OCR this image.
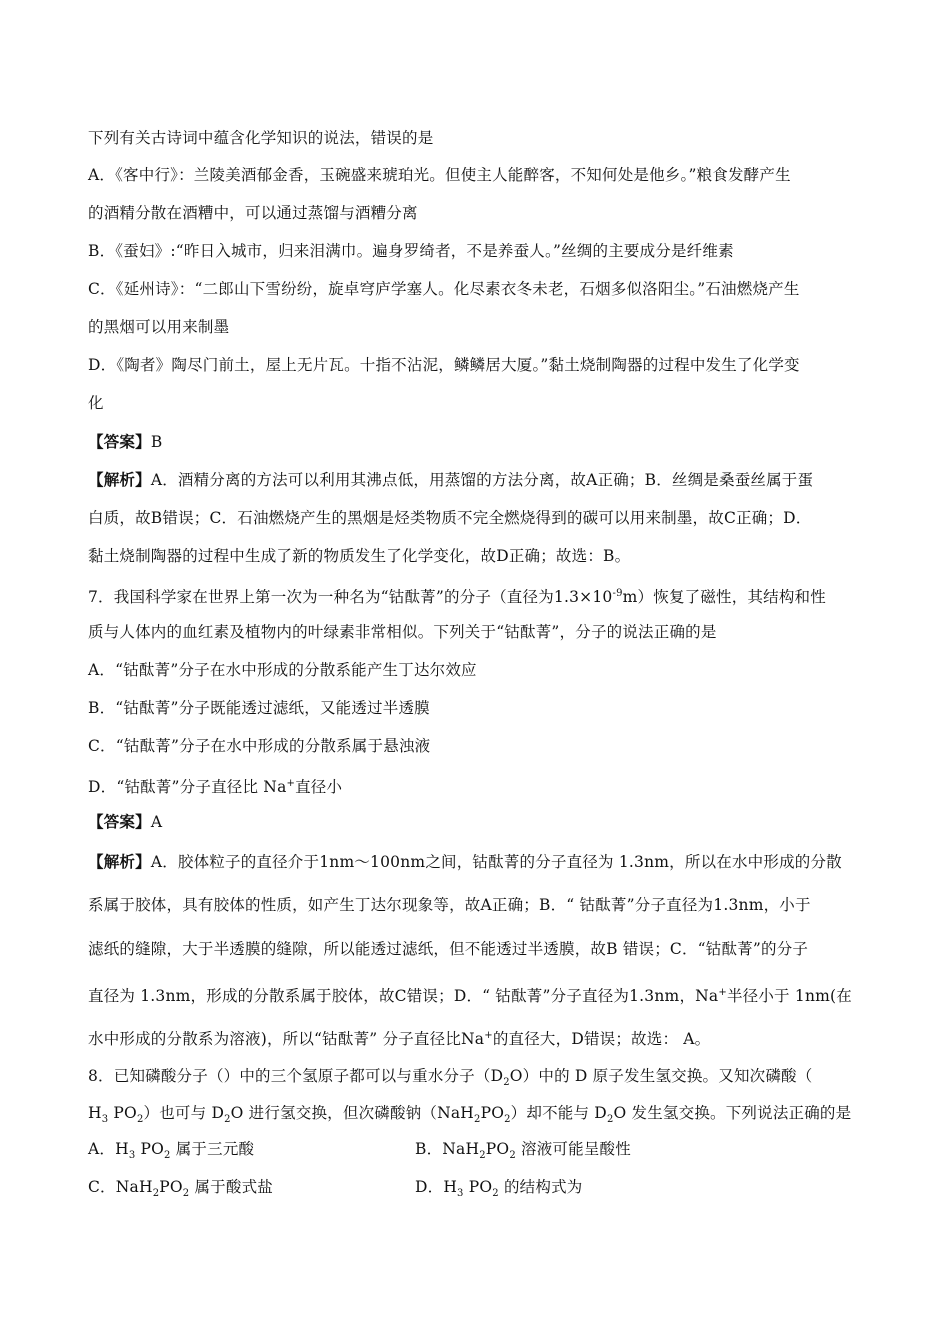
下列有关古诗词中蕴含化学知识的说法，错误的是
A．《客中行》：兰陵美酒郁金香，玉碗盛来琥珀光。但使主人能醉客，不知何处是他乡。”粮食发酵产生
的酒精分散在酒糟中，可以通过蒸馏与酒糟分离
B．《蚕妇》:“昨日入城市，归来泪满巾。遍身罗绮者，不是养蚕人。”丝绸的主要成分是纤维素
C．《延州诗》：“二郎山下雪纷纷，旋卓穹庐学塞人。化尽素衣冬未老，石烟多似洛阳尘。”石油燃烧产生
的黑烟可以用来制墨
D．《陶者》陶尽门前土，屋上无片瓦。十指不沾泥，鳞鳞居大厦。”黏土烧制陶器的过程中发生了化学变
化
【答案】B
【解析】A．酒精分离的方法可以利用其沸点低，用蒸馏的方法分离，故A正确；B．丝绸是桑蚕丝属于蛋
白质，故B错误；C．石油燃烧产生的黑烟是烃类物质不完全燃烧得到的碳可以用来制墨，故C正确；D．
黏土烧制陶器的过程中生成了新的物质发生了化学变化，故D正确；故选：B。
7．我国科学家在世界上第一次为一种名为“钴酞菁”的分子（直径为$1.3\times 10^{-9}m$）恢复了磁性，其结构和性
质与人体内的血红素及植物内的叶绿素非常相似。下列关于“钴酞菁”，分子的说法正确的是
A．“钴酞菁”分子在水中形成的分散系能产生丁达尔效应
B．“钴酞菁”分子既能透过滤纸，又能透过半透膜
C．“钴酞菁”分子在水中形成的分散系属于悬浊液
D．“钴酞菁”分子直径比 Na+直径小
【答案】A
【解析】A．胶体粒子的直径介于1nm～100nm之间，钴酞菁的分子直径为 1.3nm，所以在水中形成的分散
系属于胶体，具有胶体的性质，如产生丁达尔现象等，故A正确；B．“ 钴酞菁”分子直径为1.3nm，小于
滤纸的缝隙，大于半透膜的缝隙，所以能透过滤纸，但不能透过半透膜，故B 错误；C．“钴酞菁”的分子
直径为 1.3nm，形成的分散系属于胶体，故C错误；D．“ 钴酞菁”分子直径为1.3nm，Na+半径小于 1nm(在
水中形成的分散系为溶液)，所以“钴酞菁” 分子直径比Na+的直径大，D错误；故选： A。
8．已知磷酸分子（）中的三个氢原子都可以与重水分子$(D_2O)$中的 D 原子发生氢交换。又知次磷酸（
$H_3$ $PO_2$）也可与 $D_2O$ 进行氢交换，但次磷酸钠$(NaH_2PO_2)$却不能与 $D_2O$ 发生氢交换。下列说法正确的是
A．$H_3$ $PO_2$ 属于三元酸	B．$NaH_2PO_2$ 溶液可能呈酸性
C．$NaH_2PO_2$ 属于酸式盐	D．$H_3$ $PO_2$ 的结构式为
